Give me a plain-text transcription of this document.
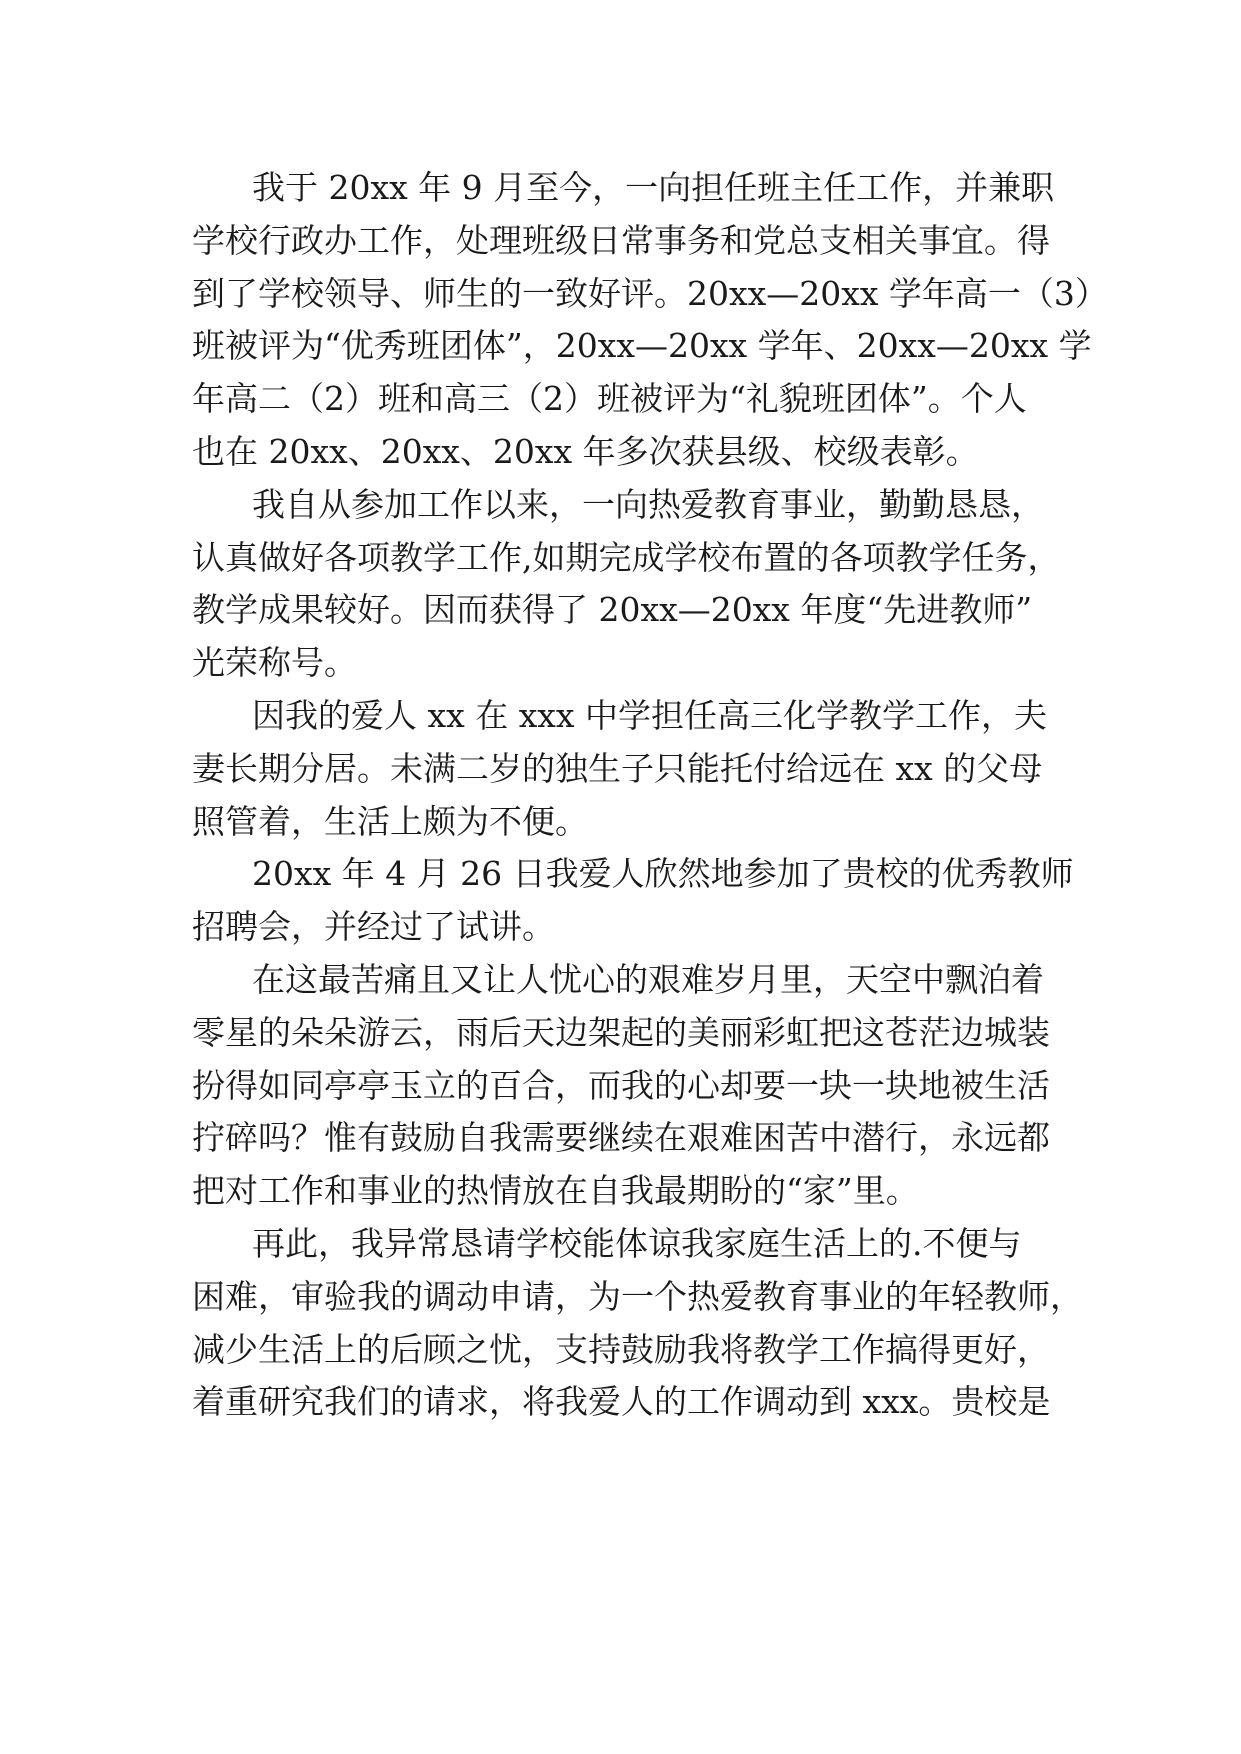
我于 20xx 年 9 月至今，一向担任班主任工作，并兼职
学校行政办工作，处理班级日常事务和党总支相关事宜。得
到了学校领导、师生的一致好评。20xx—20xx 学年高一（3）
班被评为“优秀班团体”，20xx—20xx 学年、20xx—20xx 学
年高二（2）班和高三（2）班被评为“礼貌班团体”。个人
也在 20xx、20xx、20xx 年多次获县级、校级表彰。

我自从参加工作以来，一向热爱教育事业，勤勤恳恳，
认真做好各项教学工作,如期完成学校布置的各项教学任务，
教学成果较好。因而获得了 20xx—20xx 年度“先进教师”
光荣称号。

因我的爱人 xx 在 xxx 中学担任高三化学教学工作，夫
妻长期分居。未满二岁的独生子只能托付给远在 xx 的父母
照管着，生活上颇为不便。

20xx 年 4 月 26 日我爱人欣然地参加了贵校的优秀教师
招聘会，并经过了试讲。

在这最苦痛且又让人忧心的艰难岁月里，天空中飘泊着
零星的朵朵游云，雨后天边架起的美丽彩虹把这苍茫边城装
扮得如同亭亭玉立的百合，而我的心却要一块一块地被生活
拧碎吗？惟有鼓励自我需要继续在艰难困苦中潜行，永远都
把对工作和事业的热情放在自我最期盼的“家”里。

再此，我异常恳请学校能体谅我家庭生活上的.不便与
困难，审验我的调动申请，为一个热爱教育事业的年轻教师，
减少生活上的后顾之忧，支持鼓励我将教学工作搞得更好，
着重研究我们的请求，将我爱人的工作调动到 xxx。贵校是
